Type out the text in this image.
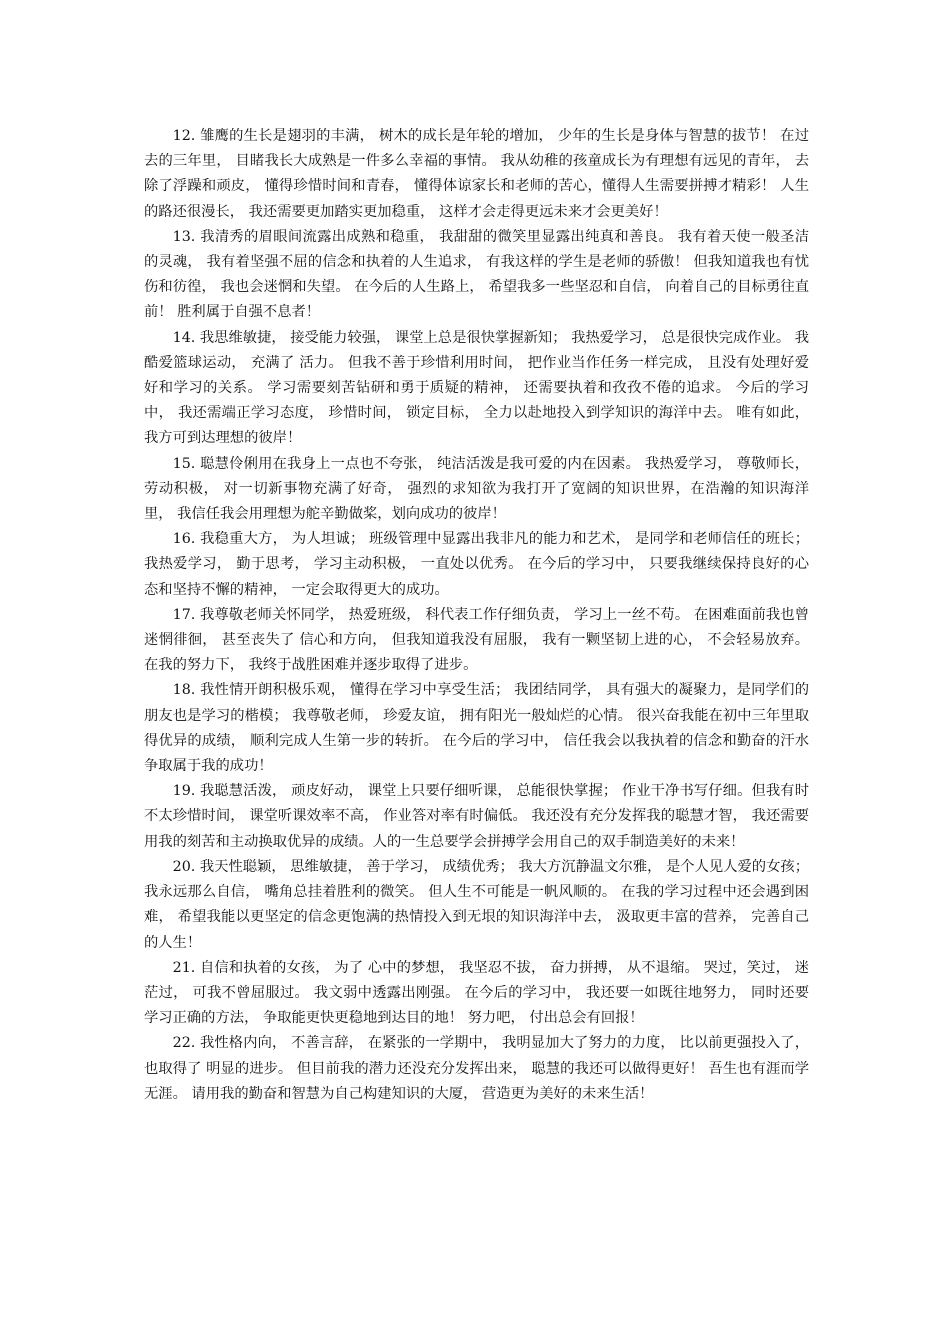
12. 雏鹰的生长是翅羽的丰满， 树木的成长是年轮的增加， 少年的生长是身体与智慧的拔节！ 在过去的三年里， 目睹我长大成熟是一件多么幸福的事情。 我从幼稚的孩童成长为有理想有远见的青年， 去除了浮躁和顽皮， 懂得珍惜时间和青春， 懂得体谅家长和老师的苦心，懂得人生需要拼搏才精彩！ 人生的路还很漫长， 我还需要更加踏实更加稳重， 这样才会走得更远未来才会更美好！

13. 我清秀的眉眼间流露出成熟和稳重， 我甜甜的微笑里显露出纯真和善良。 我有着天使一般圣洁的灵魂， 我有着坚强不屈的信念和执着的人生追求， 有我这样的学生是老师的骄傲！ 但我知道我也有忧伤和彷徨， 我也会迷惘和失望。 在今后的人生路上， 希望我多一些坚忍和自信， 向着自己的目标勇往直前！ 胜利属于自强不息者！

14. 我思维敏捷， 接受能力较强， 课堂上总是很快掌握新知； 我热爱学习， 总是很快完成作业。 我酷爱篮球运动， 充满了 活力。 但我不善于珍惜利用时间， 把作业当作任务一样完成， 且没有处理好爱好和学习的关系。 学习需要刻苦钻研和勇于质疑的精神， 还需要执着和孜孜不倦的追求。 今后的学习中， 我还需端正学习态度， 珍惜时间， 锁定目标， 全力以赴地投入到学知识的海洋中去。 唯有如此，我方可到达理想的彼岸！

15. 聪慧伶俐用在我身上一点也不夸张， 纯洁活泼是我可爱的内在因素。 我热爱学习， 尊敬师长， 劳动积极， 对一切新事物充满了好奇， 强烈的求知欲为我打开了宽阔的知识世界，在浩瀚的知识海洋里， 我信任我会用理想为舵辛勤做桨，划向成功的彼岸！

16. 我稳重大方， 为人坦诚； 班级管理中显露出我非凡的能力和艺术， 是同学和老师信任的班长； 我热爱学习， 勤于思考， 学习主动积极， 一直处以优秀。 在今后的学习中， 只要我继续保持良好的心态和坚持不懈的精神， 一定会取得更大的成功。

17. 我尊敬老师关怀同学， 热爱班级， 科代表工作仔细负责， 学习上一丝不苟。 在困难面前我也曾迷惘徘徊， 甚至丧失了 信心和方向， 但我知道我没有屈服， 我有一颗坚韧上进的心， 不会轻易放弃。 在我的努力下， 我终于战胜困难并逐步取得了进步。

18. 我性情开朗积极乐观， 懂得在学习中享受生活； 我团结同学， 具有强大的凝聚力，是同学们的朋友也是学习的楷模； 我尊敬老师， 珍爱友谊， 拥有阳光一般灿烂的心情。 很兴奋我能在初中三年里取得优异的成绩， 顺利完成人生第一步的转折。 在今后的学习中， 信任我会以我执着的信念和勤奋的汗水争取属于我的成功！

19. 我聪慧活泼， 顽皮好动， 课堂上只要仔细听课， 总能很快掌握； 作业干净书写仔细。但我有时不太珍惜时间， 课堂听课效率不高， 作业答对率有时偏低。 我还没有充分发挥我的聪慧才智， 我还需要用我的刻苦和主动换取优异的成绩。人的一生总要学会拼搏学会用自己的双手制造美好的未来！

20. 我天性聪颖， 思维敏捷， 善于学习， 成绩优秀； 我大方沉静温文尔雅， 是个人见人爱的女孩； 我永远那么自信， 嘴角总挂着胜利的微笑。 但人生不可能是一帆风顺的。 在我的学习过程中还会遇到困难， 希望我能以更坚定的信念更饱满的热情投入到无垠的知识海洋中去， 汲取更丰富的营养， 完善自己的人生！

21. 自信和执着的女孩， 为了 心中的梦想， 我坚忍不拔， 奋力拼搏， 从不退缩。 哭过，笑过， 迷茫过， 可我不曾屈服过。 我文弱中透露出刚强。 在今后的学习中， 我还要一如既往地努力， 同时还要学习正确的方法， 争取能更快更稳地到达目的地！ 努力吧， 付出总会有回报！

22. 我性格内向， 不善言辞， 在紧张的一学期中， 我明显加大了努力的力度， 比以前更强投入了， 也取得了 明显的进步。 但目前我的潜力还没充分发挥出来， 聪慧的我还可以做得更好！ 吾生也有涯而学无涯。 请用我的勤奋和智慧为自己构建知识的大厦， 营造更为美好的未来生活！
